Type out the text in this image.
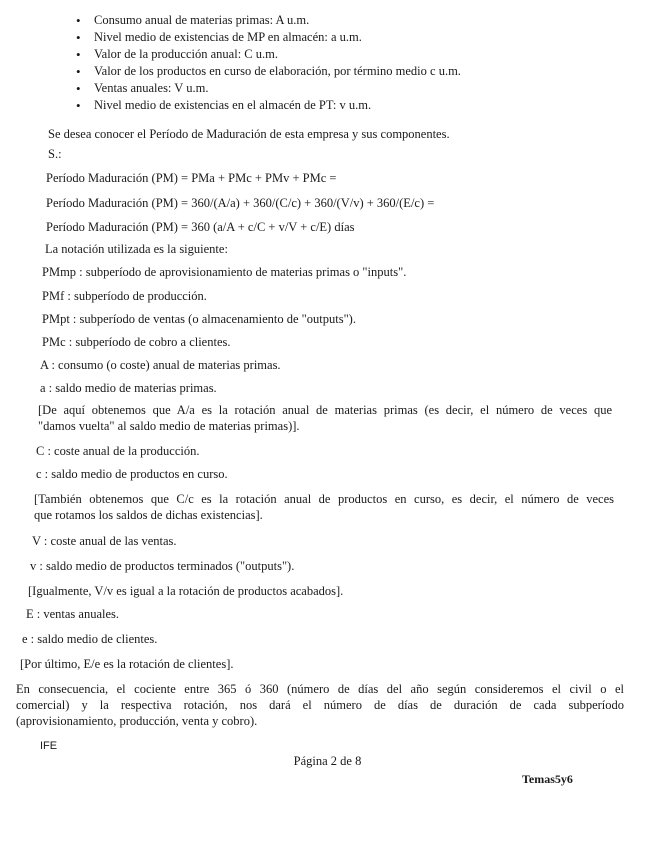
• Consumo anual de materias primas: A u.m.
• Nivel medio de existencias de MP en almacén: a u.m.
• Valor de la producción anual: C u.m.
• Valor de los productos en curso de elaboración, por término medio c u.m.
• Ventas anuales: V u.m.
• Nivel medio de existencias en el almacén de PT: v u.m.
Se desea conocer el Período de Maduración de esta empresa y sus componentes.
S.:
Período Maduración (PM) = PMa + PMc + PMv + PMc =
Período Maduración (PM) = 360/(A/a) + 360/(C/c) + 360/(V/v) + 360/(E/c) =
Período Maduración (PM) = 360 (a/A + c/C + v/V + c/E) días
La notación utilizada es la siguiente:
PMmp : subperíodo de aprovisionamiento de materias primas o "inputs".
PMf : subperíodo de producción.
PMpt : subperíodo de ventas (o almacenamiento de "outputs").
PMc : subperíodo de cobro a clientes.
A : consumo (o coste) anual de materias primas.
a : saldo medio de materias primas.
[De aquí obtenemos que A/a es la rotación anual de materias primas (es decir, el número de veces que
"damos vuelta" al saldo medio de materias primas)].
C : coste anual de la producción.
c : saldo medio de productos en curso.
[También obtenemos que C/c es la rotación anual de productos en curso, es decir, el número de veces
que rotamos los saldos de dichas existencias].
V : coste anual de las ventas.
v : saldo medio de productos terminados ("outputs").
[Igualmente, V/v es igual a la rotación de productos acabados].
E : ventas anuales.
e : saldo medio de clientes.
[Por último, E/e es la rotación de clientes].
En consecuencia, el cociente entre 365 ó 360 (número de días del año según consideremos el civil o el
comercial) y la respectiva rotación, nos dará el número de días de duración de cada subperíodo
(aprovisionamiento, producción, venta y cobro).
IFE
Página 2 de 8
Temas5y6
